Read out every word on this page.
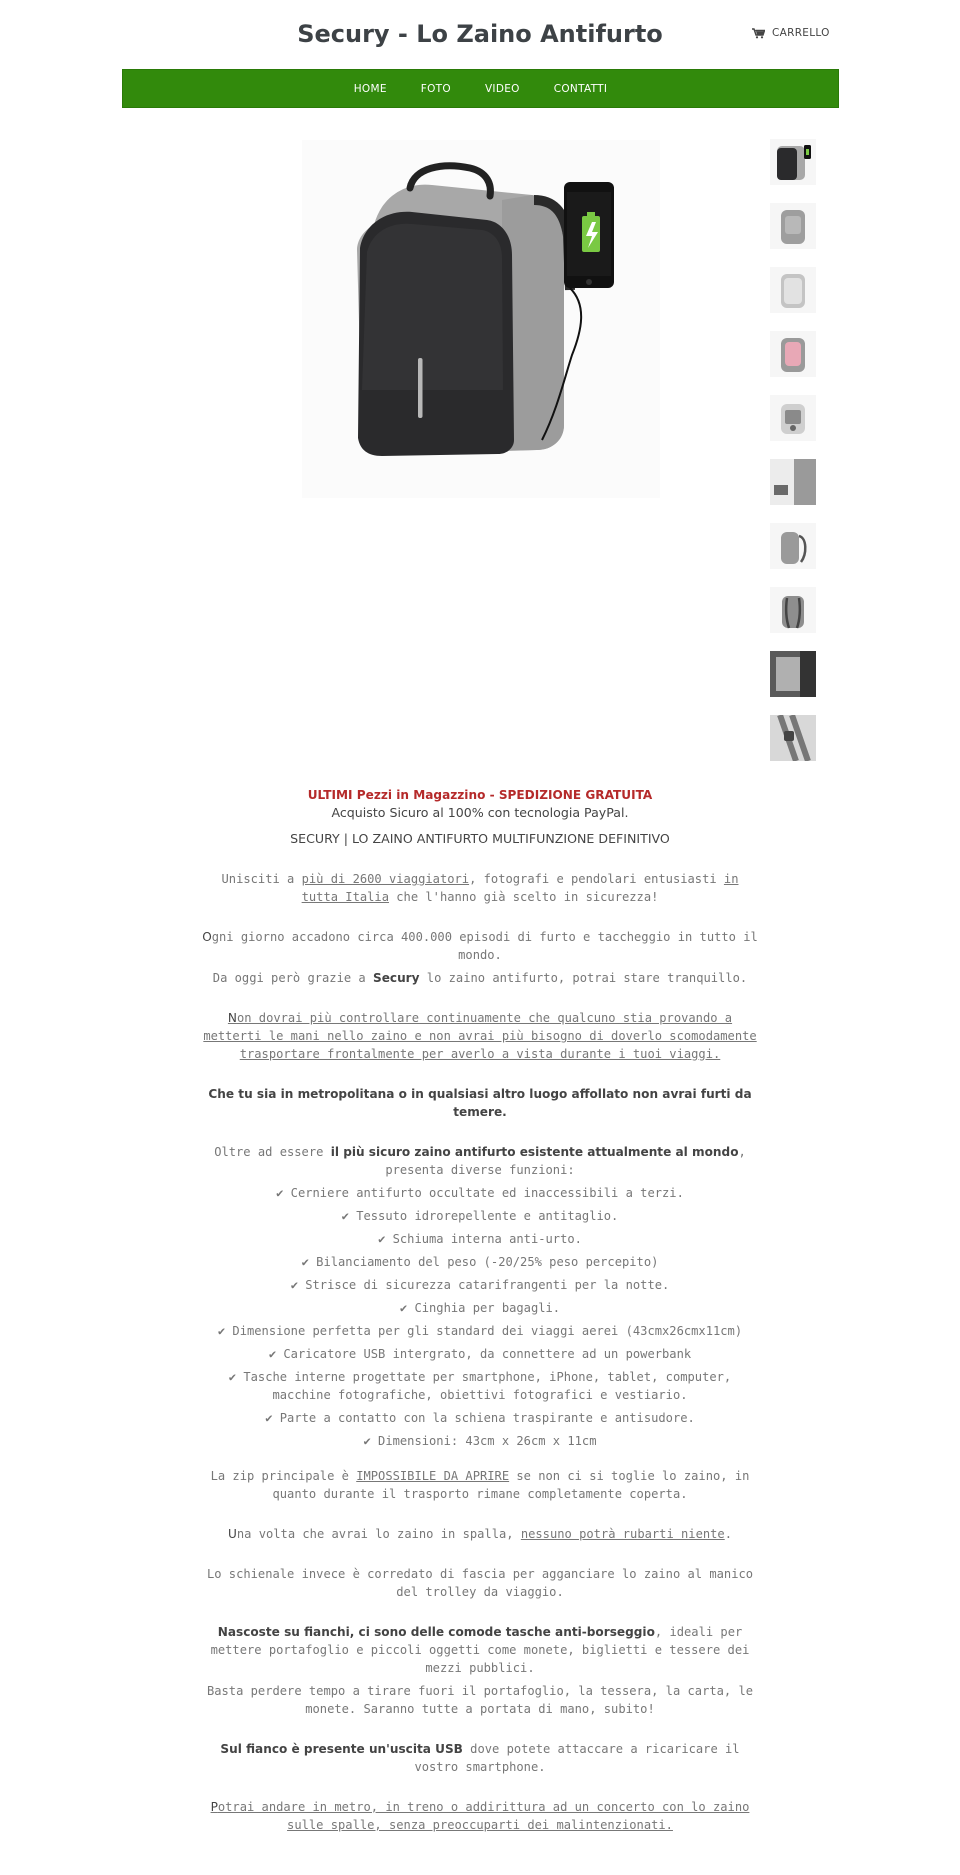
Secury - Lo Zaino Antifurto	CARRELLO
HOME	FOTO	VIDEO	CONTATTI

ULTIMI Pezzi in Magazzino - SPEDIZIONE GRATUITA

Acquisto Sicuro al 100% con tecnologia PayPal.

SECURY | LO ZAINO ANTIFURTO MULTIFUNZIONE DEFINITIVO

Unisciti a più di 2600 viaggiatori, fotografi e pendolari entusiasti in tutta Italia che l'hanno già scelto in sicurezza!

Ogni giorno accadono circa 400.000 episodi di furto e taccheggio in tutto il mondo.

Da oggi però grazie a Secury lo zaino antifurto, potrai stare tranquillo.

Non dovrai più controllare continuamente che qualcuno stia provando a metterti le mani nello zaino e non avrai più bisogno di doverlo scomodamente trasportare frontalmente per averlo a vista durante i tuoi viaggi.

Che tu sia in metropolitana o in qualsiasi altro luogo affollato non avrai furti da temere.

Oltre ad essere il più sicuro zaino antifurto esistente attualmente al mondo, presenta diverse funzioni:

✔ Cerniere antifurto occultate ed inaccessibili a terzi.

✔ Tessuto idrorepellente e antitaglio.

✔ Schiuma interna anti-urto.

✔ Bilanciamento del peso (-20/25% peso percepito)

✔ Strisce di sicurezza catarifrangenti per la notte.

✔ Cinghia per bagagli.

✔ Dimensione perfetta per gli standard dei viaggi aerei (43cmx26cmx11cm)

✔ Caricatore USB intergrato, da connettere ad un powerbank

✔ Tasche interne progettate per smartphone, iPhone, tablet, computer, macchine fotografiche, obiettivi fotografici e vestiario.

✔ Parte a contatto con la schiena traspirante e antisudore.

✔ Dimensioni: 43cm x 26cm x 11cm

La zip principale è IMPOSSIBILE DA APRIRE se non ci si toglie lo zaino, in quanto durante il trasporto rimane completamente coperta.

Una volta che avrai lo zaino in spalla, nessuno potrà rubarti niente.

Lo schienale invece è corredato di fascia per agganciare lo zaino al manico del trolley da viaggio.

Nascoste su fianchi, ci sono delle comode tasche anti-borseggio, ideali per mettere portafoglio e piccoli oggetti come monete, biglietti e tessere dei mezzi pubblici.

Basta perdere tempo a tirare fuori il portafoglio, la tessera, la carta, le monete. Saranno tutte a portata di mano, subito!

Sul fianco è presente un'uscita USB dove potete attaccare a ricaricare il vostro smartphone.

Potrai andare in metro, in treno o addirittura ad un concerto con lo zaino sulle spalle, senza preoccuparti dei malintenzionati.
